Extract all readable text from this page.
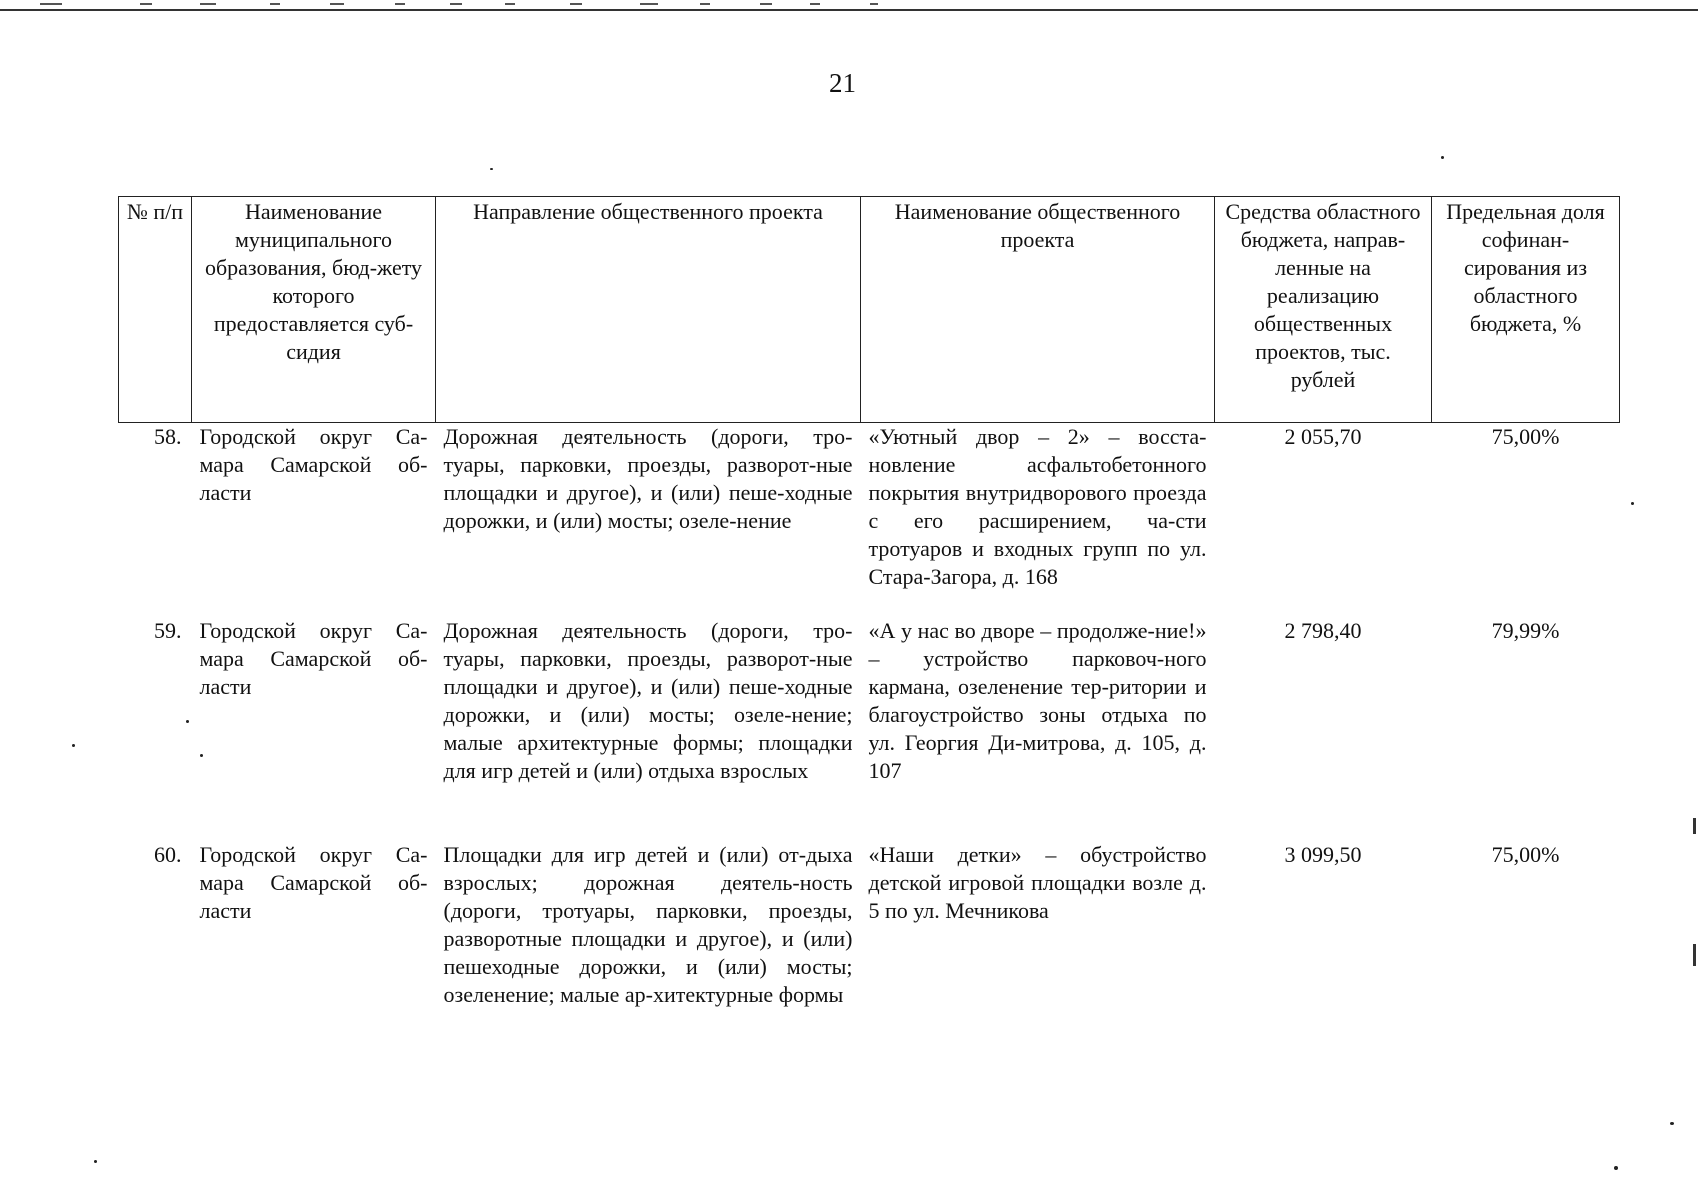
21
№ п/п	Наименование муниципального образования, бюд-жету которого предоставляется суб-сидия	Направление общественного проекта	Наименование общественного проекта	Средства областного бюджета, направ-ленные на реализацию общественных проектов, тыс. рублей	Предельная доля софинан-сирования из областного бюджета, %
58.	Городской округ Са-мара Самарской об-ласти	Дорожная деятельность (дороги, тро-туары, парковки, проезды, разворот-ные площадки и другое), и (или) пеше-ходные дорожки, и (или) мосты; озеле-нение	«Уютный двор – 2» – восста-новление асфальтобетонного покрытия внутридворового проезда с его расширением, ча-сти тротуаров и входных групп по ул. Стара-Загора, д. 168	2 055,70	75,00%
59.	Городской округ Са-мара Самарской об-ласти	Дорожная деятельность (дороги, тро-туары, парковки, проезды, разворот-ные площадки и другое), и (или) пеше-ходные дорожки, и (или) мосты; озеле-нение; малые архитектурные формы; площадки для игр детей и (или) отдыха взрослых	«А у нас во дворе – продолже-ние!» – устройство парковоч-ного кармана, озеленение тер-ритории и благоустройство зоны отдыха по ул. Георгия Ди-митрова, д. 105, д. 107	2 798,40	79,99%
60.	Городской округ Са-мара Самарской об-ласти	Площадки для игр детей и (или) от-дыха взрослых; дорожная деятель-ность (дороги, тротуары, парковки, проезды, разворотные площадки и другое), и (или) пешеходные дорожки, и (или) мосты; озеленение; малые ар-хитектурные формы	«Наши детки» – обустройство детской игровой площадки возле д. 5 по ул. Мечникова	3 099,50	75,00%
